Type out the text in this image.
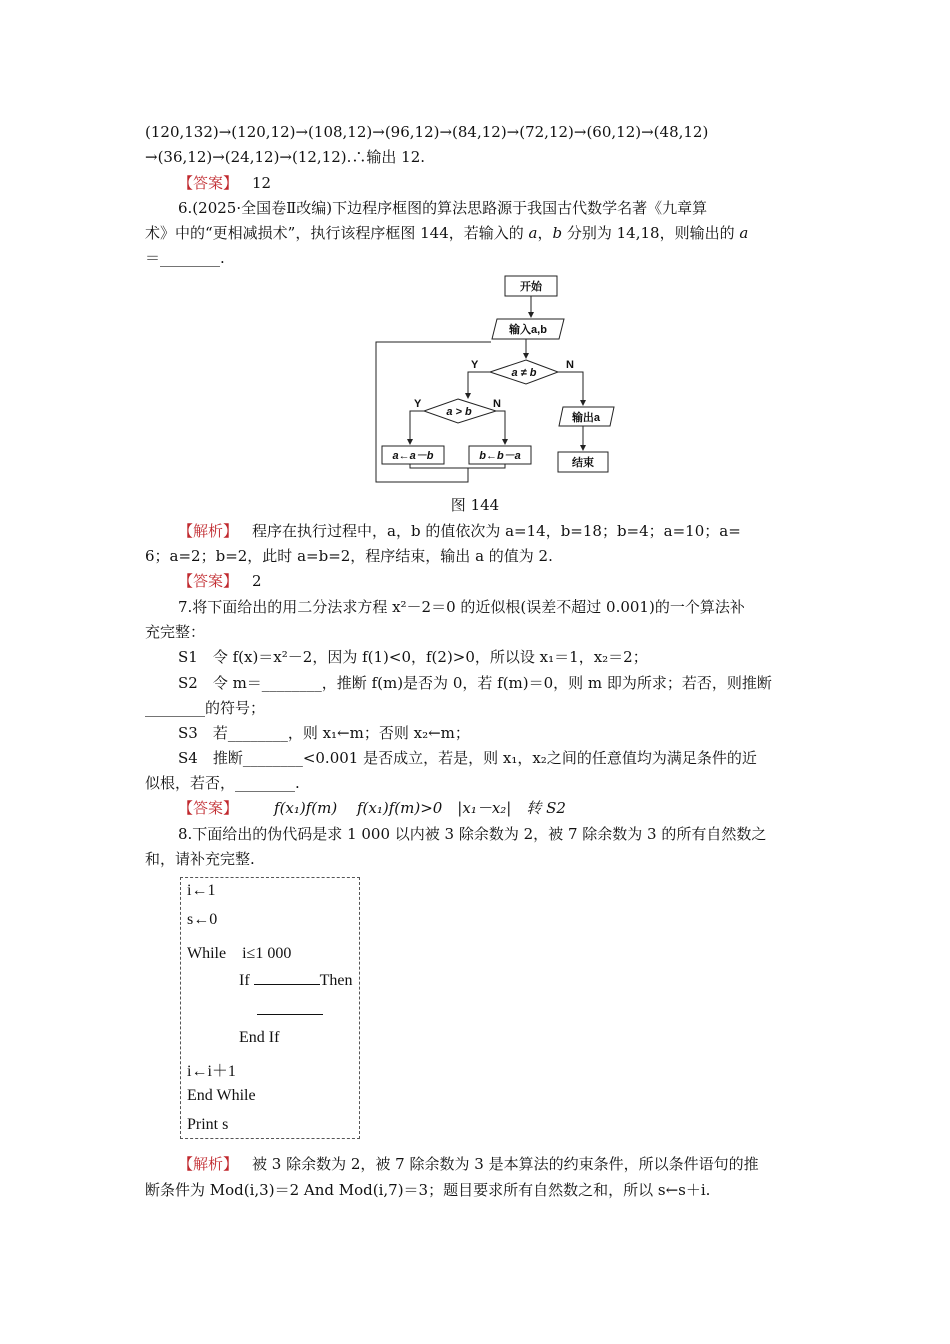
(120,132)→(120,12)→(108,12)→(96,12)→(84,12)→(72,12)→(60,12)→(48,12)
→(36,12)→(24,12)→(12,12).∴输出 12.
【答案】 12
6.(2025·全国卷Ⅱ改编)下边程序框图的算法思路源于我国古代数学名著《九章算
术》中的“更相减损术”，执行该程序框图 144，若输入的 a，b 分别为 14,18，则输出的 a
＝________.
开始
输入a,b
a ≠ b
Y	N
a > b
Y	N
a←a－b	b←b－a
输出a
结束
图 144
【解析】 程序在执行过程中，a，b 的值依次为 a=14，b=18；b=4；a=10；a=
6；a=2；b=2，此时 a=b=2，程序结束，输出 a 的值为 2.
【答案】 2
7.将下面给出的用二分法求方程 x²－2＝0 的近似根(误差不超过 0.001)的一个算法补
充完整：
S1　令 f(x)＝x²－2，因为 f(1)<0，f(2)>0，所以设 x₁＝1，x₂＝2；
S2　令 m＝________，推断 f(m)是否为 0，若 f(m)＝0，则 m 即为所求；若否，则推断
________的符号；
S3　若________，则 x₁←m；否则 x₂←m；
S4　推断________<0.001 是否成立，若是，则 x₁，x₂之间的任意值均为满足条件的近
似根，若否，________.
【答案】 f(x₁)f(m)　 f(x₁)f(m)>0　|x₁－x₂|　转 S2
8.下面给出的伪代码是求 1 000 以内被 3 除余数为 2，被 7 除余数为 3 的所有自然数之
和，请补充完整.
i←1
s←0
While　i≤1 000
If	Then
End If
i←i＋1
End While
Print s
【解析】 被 3 除余数为 2，被 7 除余数为 3 是本算法的约束条件，所以条件语句的推
断条件为 Mod(i,3)＝2 And Mod(i,7)＝3；题目要求所有自然数之和，所以 s←s＋i.
